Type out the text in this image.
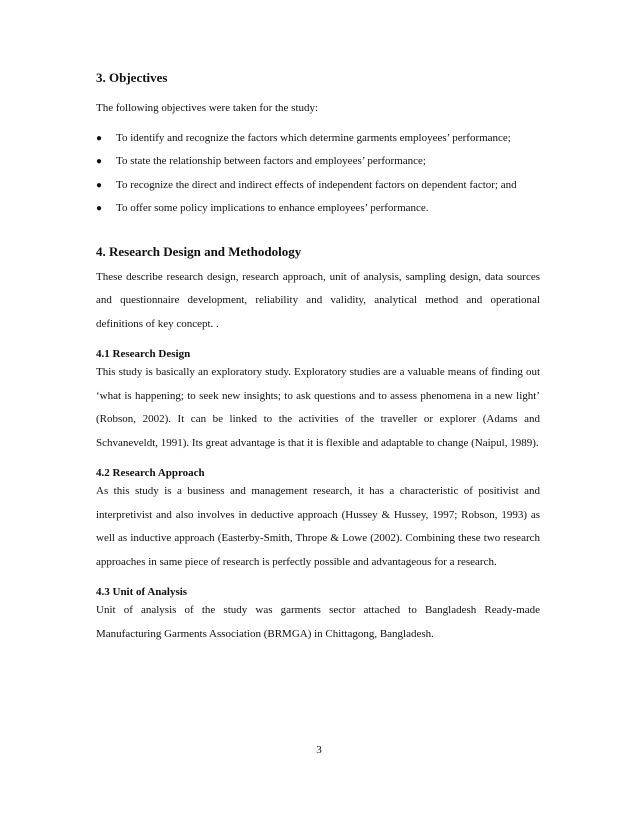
3. Objectives

The following objectives were taken for the study:

● To identify and recognize the factors which determine garments employees’ performance;
● To state the relationship between factors and employees’ performance;
● To recognize the direct and indirect effects of independent factors on dependent factor; and
● To offer some policy implications to enhance employees’ performance.
4. Research Design and Methodology

These describe research design, research approach, unit of analysis, sampling design, data sources and questionnaire development, reliability and validity, analytical method and operational definitions of key concept. .

4.1 Research Design

This study is basically an exploratory study. Exploratory studies are a valuable means of finding out ‘what is happening; to seek new insights; to ask questions and to assess phenomena in a new light’ (Robson, 2002). It can be linked to the activities of the traveller or explorer (Adams and Schvaneveldt, 1991). Its great advantage is that it is flexible and adaptable to change (Naipul, 1989).

4.2 Research Approach

As this study is a business and management research, it has a characteristic of positivist and interpretivist and also involves in deductive approach (Hussey & Hussey, 1997; Robson, 1993) as well as inductive approach (Easterby-Smith, Thrope & Lowe (2002). Combining these two research approaches in same piece of research is perfectly possible and advantageous for a research.

4.3 Unit of Analysis

Unit of analysis of the study was garments sector attached to Bangladesh Ready-made Manufacturing Garments Association (BRMGA) in Chittagong, Bangladesh.

3
